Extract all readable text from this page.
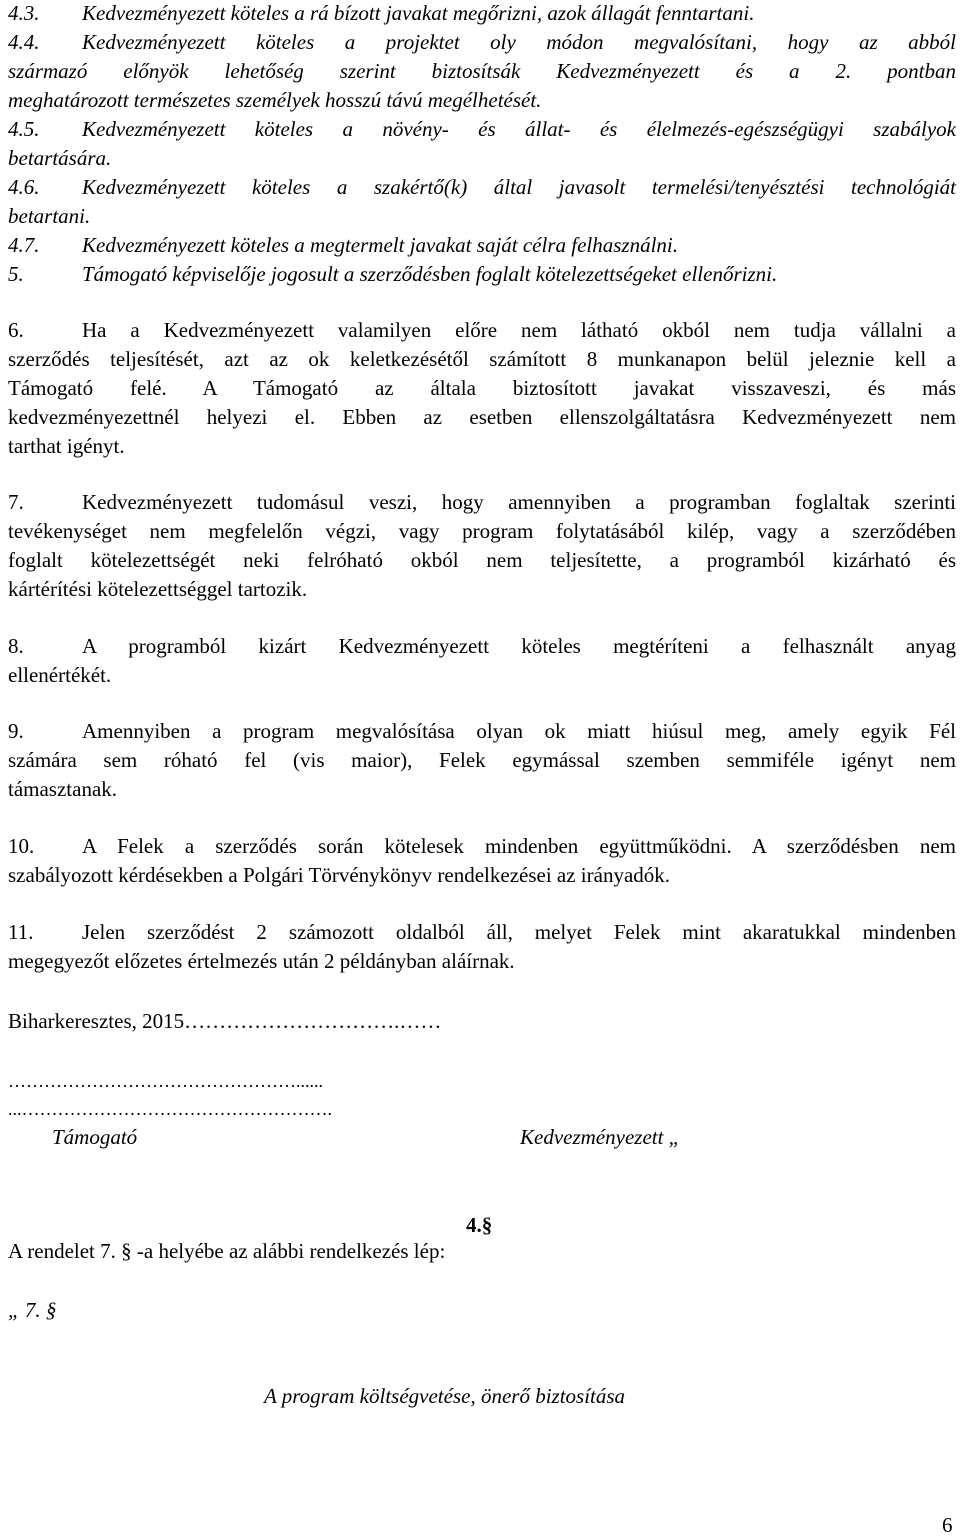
4.3. Kedvezményezett köteles a rá bízott javakat megőrizni, azok állagát fenntartani.
4.4. Kedvezményezett köteles a projektet oly módon megvalósítani, hogy az abból
származó előnyök lehetőség szerint biztosítsák Kedvezményezett és a 2. pontban
meghatározott természetes személyek hosszú távú megélhetését.
4.5. Kedvezményezett köteles a növény- és állat- és élelmezés-egészségügyi szabályok
betartására.
4.6. Kedvezményezett köteles a szakértő(k) által javasolt termelési/tenyésztési technológiát
betartani.
4.7. Kedvezményezett köteles a megtermelt javakat saját célra felhasználni.
5.	Támogató képviselője jogosult a szerződésben foglalt kötelezettségeket ellenőrizni.
6.	Ha a Kedvezményezett valamilyen előre nem látható okból nem tudja vállalni a
szerződés teljesítését, azt az ok keletkezésétől számított 8 munkanapon belül jeleznie kell a
Támogató felé. A Támogató az általa biztosított javakat visszaveszi, és más
kedvezményezettnél helyezi el. Ebben az esetben ellenszolgáltatásra Kedvezményezett nem
tarthat igényt.
7.	Kedvezményezett tudomásul veszi, hogy amennyiben a programban foglaltak szerinti
tevékenységet nem megfelelőn végzi, vagy program folytatásából kilép, vagy a szerződében
foglalt kötelezettségét neki felróható okból nem teljesítette, a programból kizárható és
kártérítési kötelezettséggel tartozik.
8.	A programból kizárt Kedvezményezett köteles megtéríteni a felhasznált anyag
ellenértékét.
9.	Amennyiben a program megvalósítása olyan ok miatt hiúsul meg, amely egyik Fél
számára sem róható fel (vis maior), Felek egymással szemben semmiféle igényt nem
támasztanak.
10. A Felek a szerződés során kötelesek mindenben együttműködni. A szerződésben nem
szabályozott kérdésekben a Polgári Törvénykönyv rendelkezései az irányadók.
11. Jelen szerződést 2 számozott oldalból áll, melyet Felek mint akaratukkal mindenben
megegyezőt előzetes értelmezés után 2 példányban aláírnak.
Biharkeresztes, 2015………………………….……
…………………………………………......
...…………………………………………….
Támogató	Kedvezményezett „
4.§
A rendelet 7. § -a helyébe az alábbi rendelkezés lép:
„ 7. §
A program költségvetése, önerő biztosítása
6
